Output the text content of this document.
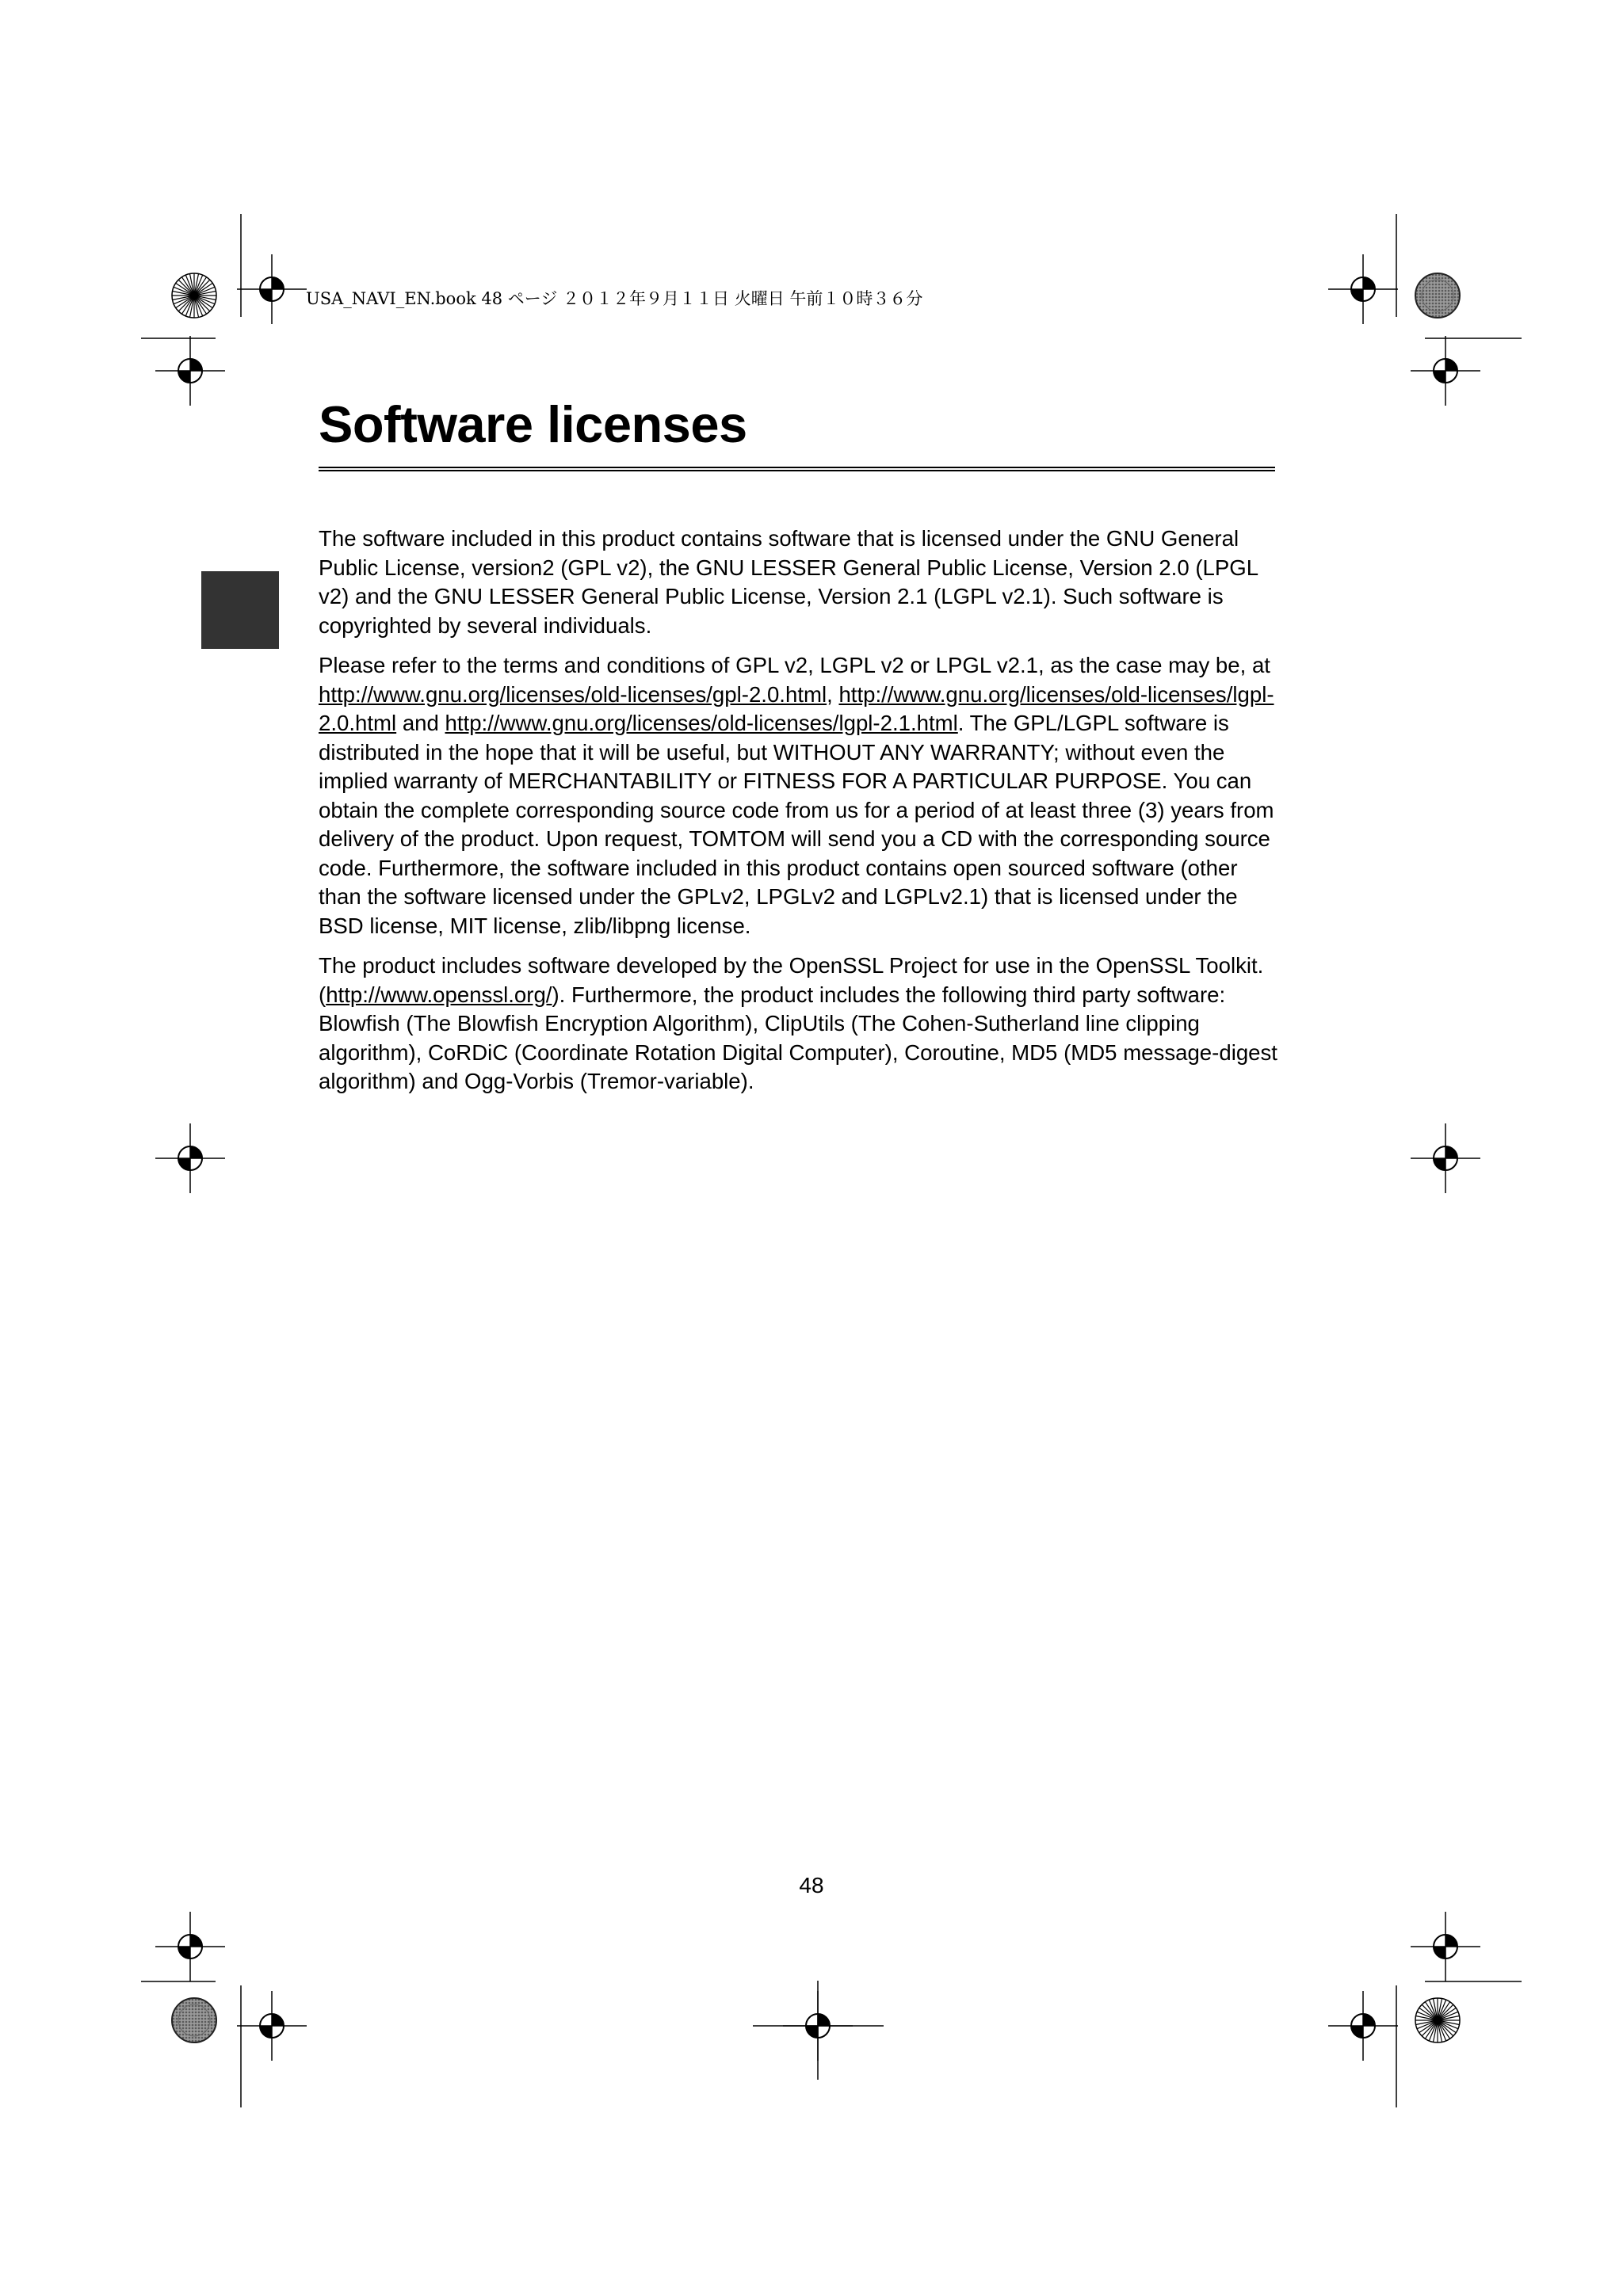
USA_NAVI_EN.book 48 ページ ２０１２年９月１１日 火曜日 午前１０時３６分
Software licenses

The software included in this product contains software that is licensed under the GNU General Public License, version2 (GPL v2), the GNU LESSER General Public License, Version 2.0 (LPGL v2) and the GNU LESSER General Public License, Version 2.1 (LGPL v2.1). Such software is copyrighted by several individuals.

Please refer to the terms and conditions of GPL v2, LGPL v2 or LPGL v2.1, as the case may be, at http://www.gnu.org/licenses/old-licenses/gpl-2.0.html, http://www.gnu.org/licenses/old-licenses/lgpl-2.0.html and http://www.gnu.org/licenses/old-licenses/lgpl-2.1.html. The GPL/LGPL software is distributed in the hope that it will be useful, but WITHOUT ANY WARRANTY; without even the implied warranty of MERCHANTABILITY or FITNESS FOR A PARTICULAR PURPOSE. You can obtain the complete corresponding source code from us for a period of at least three (3) years from delivery of the product. Upon request, TOMTOM will send you a CD with the corresponding source code. Furthermore, the software included in this product contains open sourced software (other than the software licensed under the GPLv2, LPGLv2 and LGPLv2.1) that is licensed under the BSD license, MIT license, zlib/libpng license.

The product includes software developed by the OpenSSL Project for use in the OpenSSL Toolkit. (http://www.openssl.org/). Furthermore, the product includes the following third party software: Blowfish (The Blowfish Encryption Algorithm), ClipUtils (The Cohen-Sutherland line clipping algorithm), CoRDiC (Coordinate Rotation Digital Computer), Coroutine, MD5 (MD5 message-digest algorithm) and Ogg-Vorbis (Tremor-variable).

48
